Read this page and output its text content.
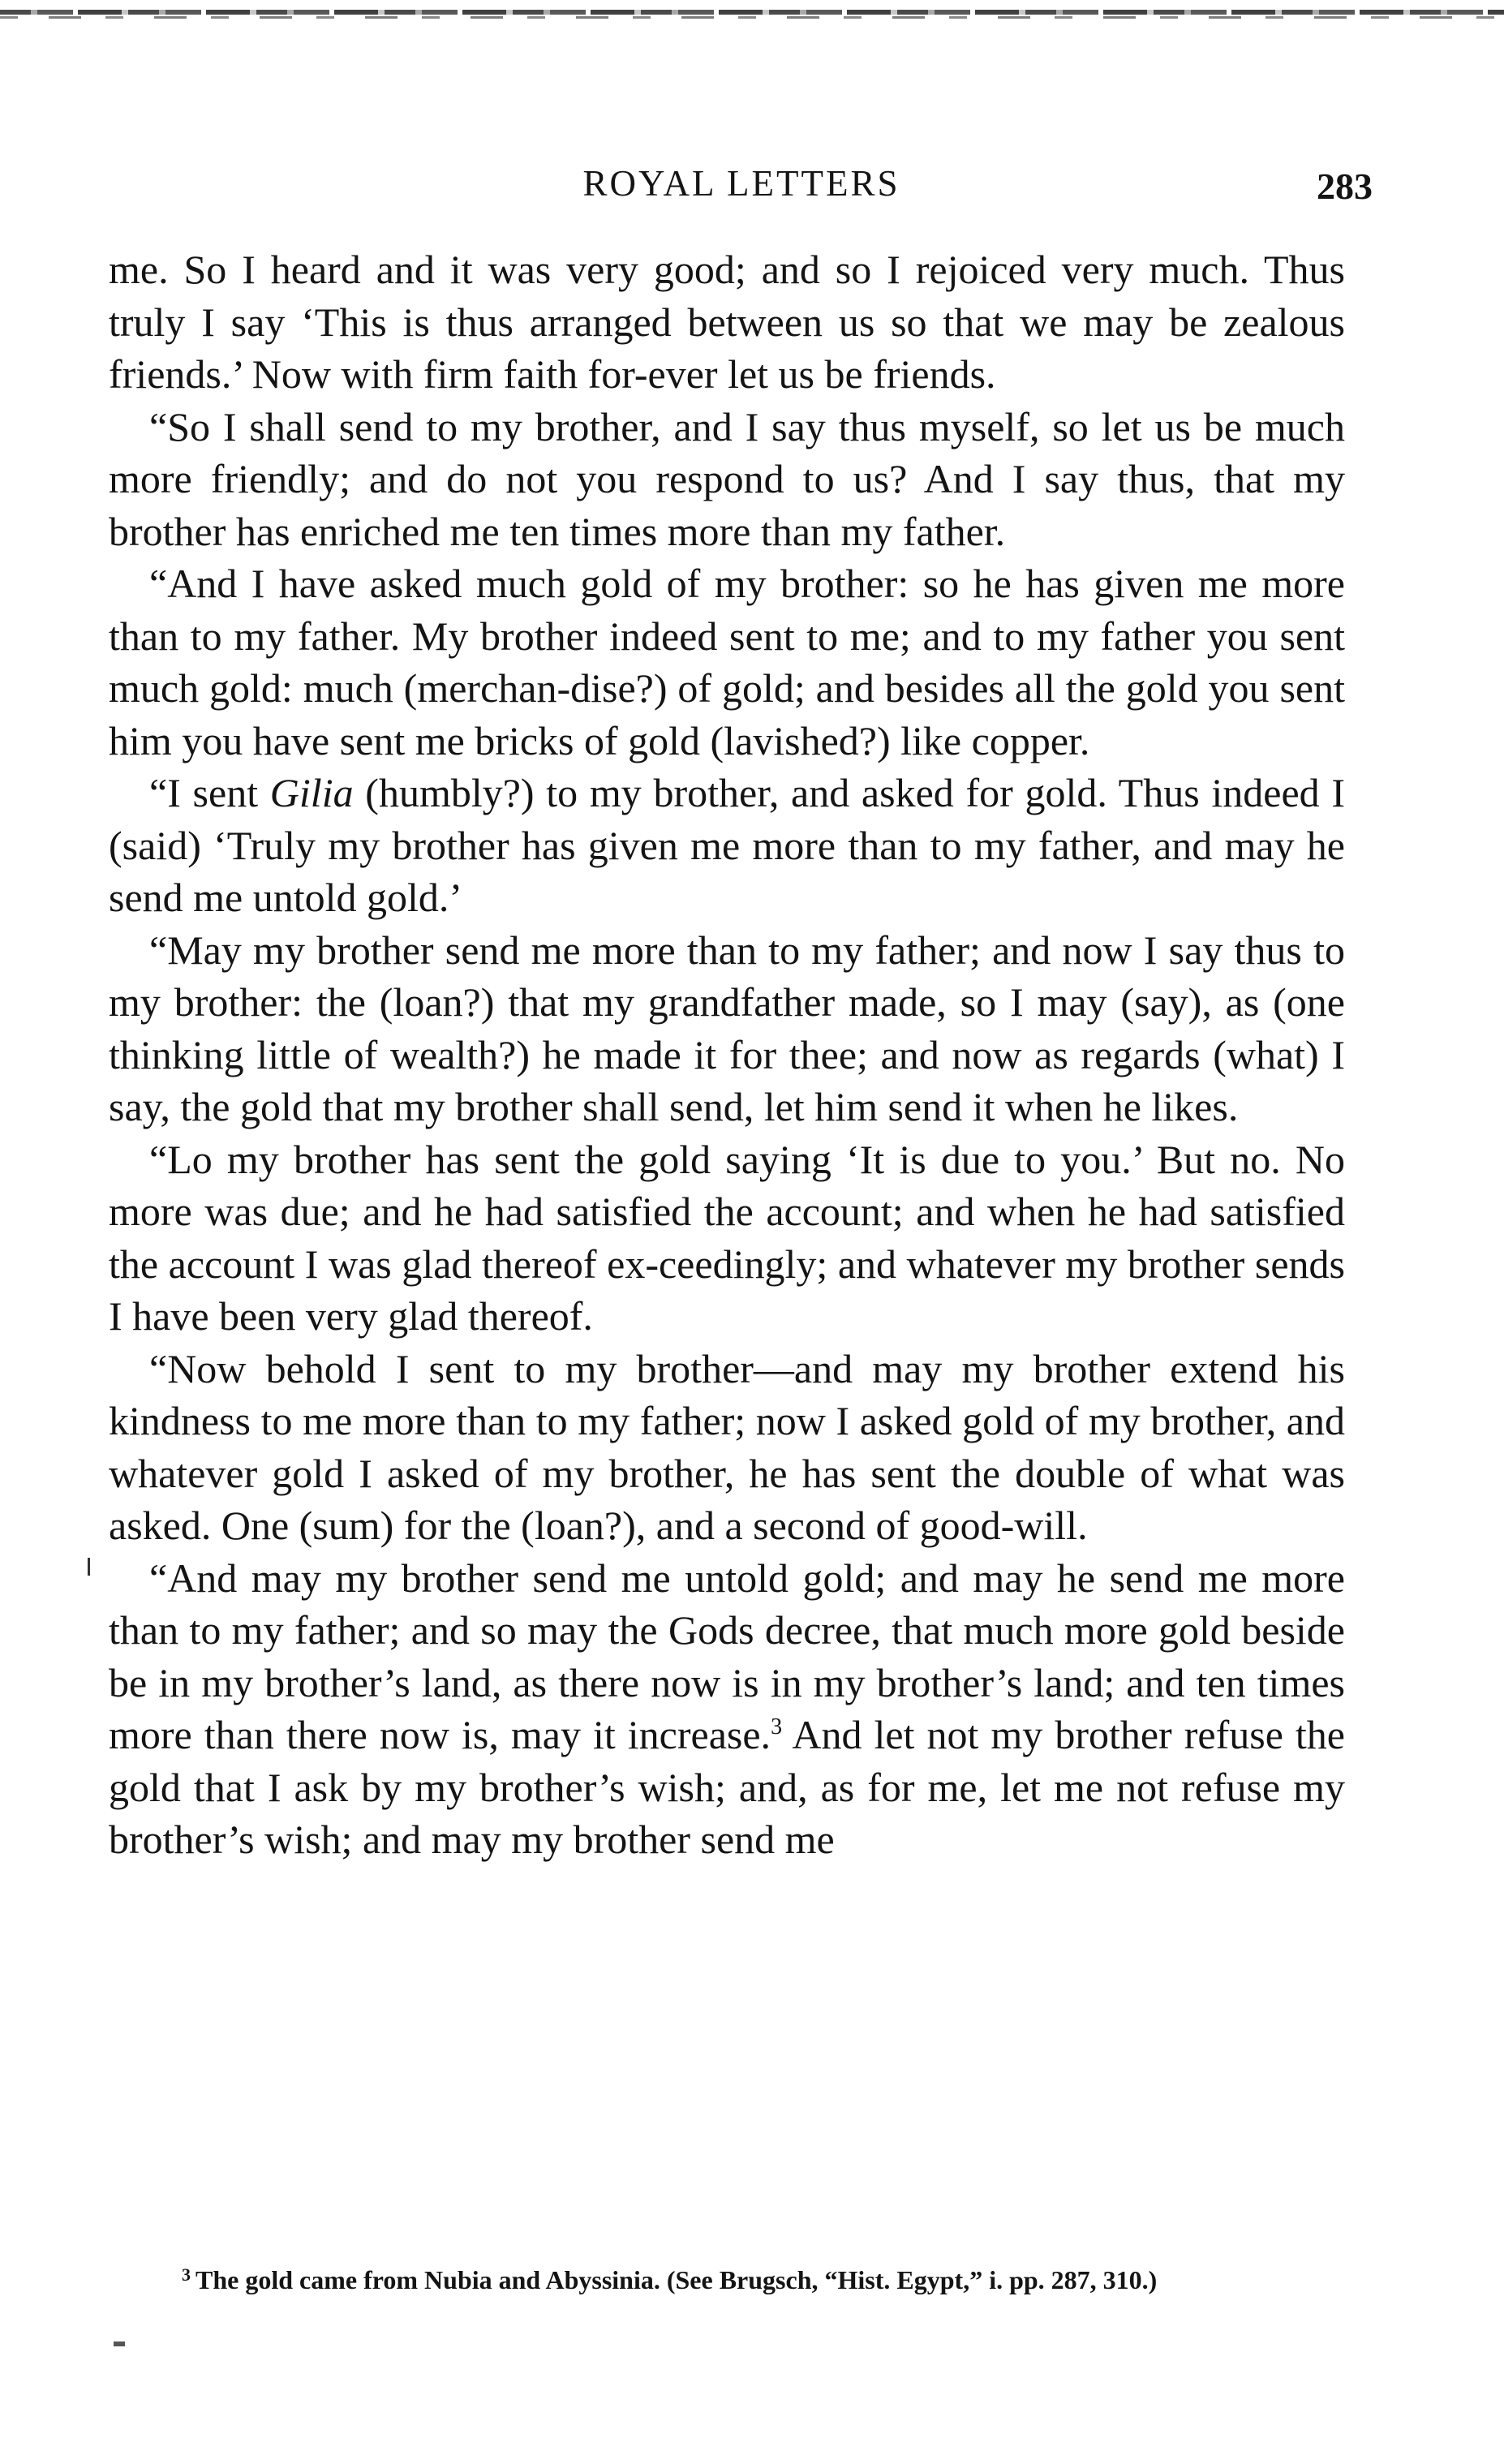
ROYAL LETTERS	283

me. So I heard and it was very good; and so I rejoiced very much. Thus truly I say ‘This is thus arranged between us so that we may be zealous friends.’ Now with firm faith for-ever let us be friends.

“So I shall send to my brother, and I say thus myself, so let us be much more friendly; and do not you respond to us? And I say thus, that my brother has enriched me ten times more than my father.

“And I have asked much gold of my brother: so he has given me more than to my father. My brother indeed sent to me; and to my father you sent much gold: much (merchan-dise?) of gold; and besides all the gold you sent him you have sent me bricks of gold (lavished?) like copper.

“I sent Gilia (humbly?) to my brother, and asked for gold. Thus indeed I (said) ‘Truly my brother has given me more than to my father, and may he send me untold gold.’

“May my brother send me more than to my father; and now I say thus to my brother: the (loan?) that my grandfather made, so I may (say), as (one thinking little of wealth?) he made it for thee; and now as regards (what) I say, the gold that my brother shall send, let him send it when he likes.

“Lo my brother has sent the gold saying ‘It is due to you.’ But no. No more was due; and he had satisfied the account; and when he had satisfied the account I was glad thereof ex-ceedingly; and whatever my brother sends I have been very glad thereof.

“Now behold I sent to my brother—and may my brother extend his kindness to me more than to my father; now I asked gold of my brother, and whatever gold I asked of my brother, he has sent the double of what was asked. One (sum) for the (loan?), and a second of good-will.

“And may my brother send me untold gold; and may he send me more than to my father; and so may the Gods decree, that much more gold beside be in my brother’s land, as there now is in my brother’s land; and ten times more than there now is, may it increase.$^3$ And let not my brother refuse the gold that I ask by my brother’s wish; and, as for me, let me not refuse my brother’s wish; and may my brother send me

3 The gold came from Nubia and Abyssinia. (See Brugsch, “Hist. Egypt,” i. pp. 287, 310.)
